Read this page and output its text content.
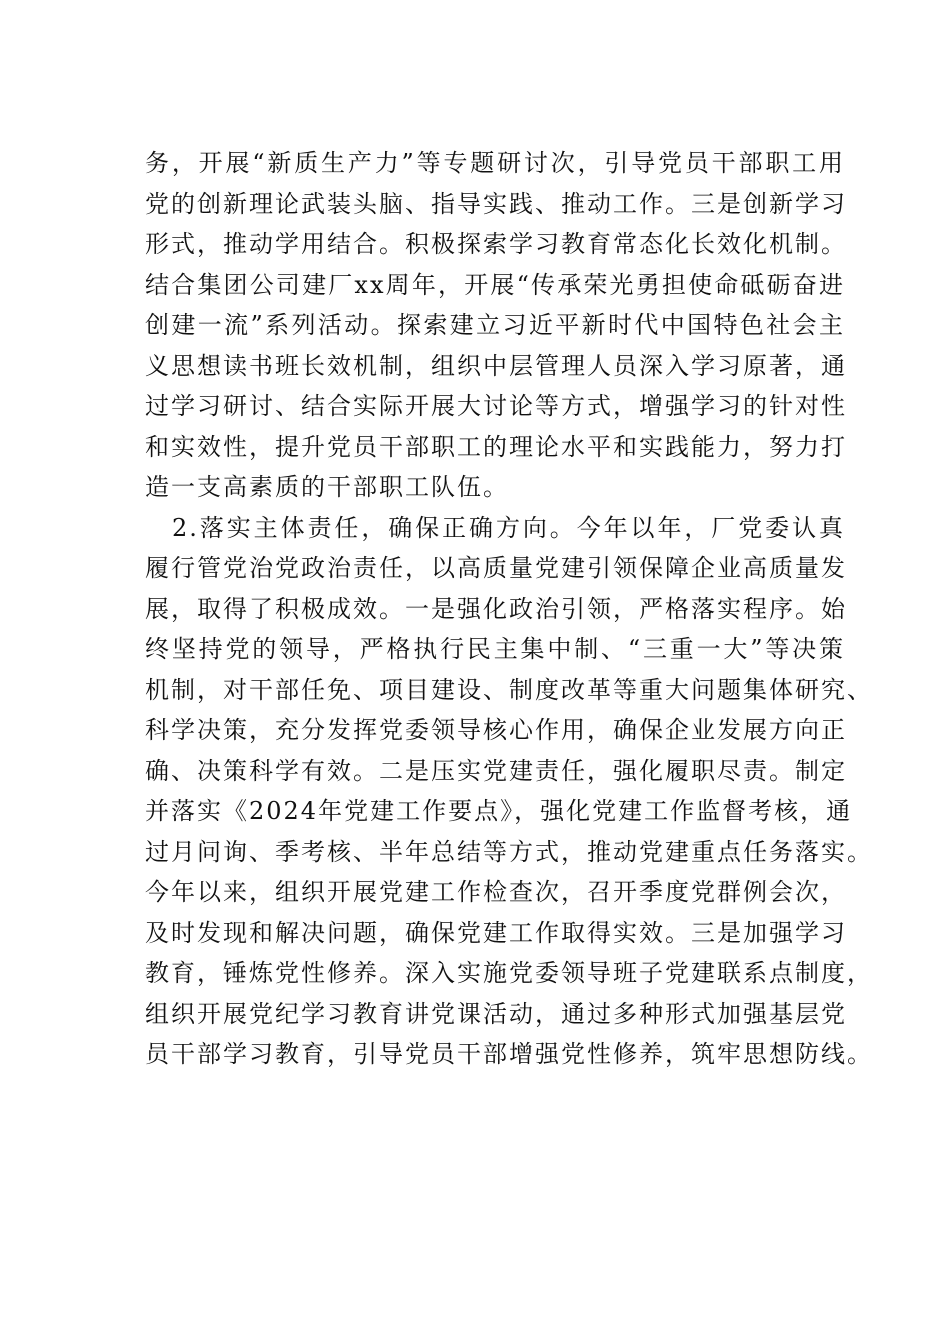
务，开展“新质生产力”等专题研讨次，引导党员干部职工用
党的创新理论武装头脑、指导实践、推动工作。三是创新学习
形式，推动学用结合。积极探索学习教育常态化长效化机制。
结合集团公司建厂xx周年，开展“传承荣光勇担使命砥砺奋进
创建一流”系列活动。探索建立习近平新时代中国特色社会主
义思想读书班长效机制，组织中层管理人员深入学习原著，通
过学习研讨、结合实际开展大讨论等方式，增强学习的针对性
和实效性，提升党员干部职工的理论水平和实践能力，努力打
造一支高素质的干部职工队伍。
2.落实主体责任，确保正确方向。今年以年，厂党委认真
履行管党治党政治责任，以高质量党建引领保障企业高质量发
展，取得了积极成效。一是强化政治引领，严格落实程序。始
终坚持党的领导，严格执行民主集中制、“三重一大”等决策
机制，对干部任免、项目建设、制度改革等重大问题集体研究、
科学决策，充分发挥党委领导核心作用，确保企业发展方向正
确、决策科学有效。二是压实党建责任，强化履职尽责。制定
并落实《2024年党建工作要点》，强化党建工作监督考核，通
过月问询、季考核、半年总结等方式，推动党建重点任务落实。
今年以来，组织开展党建工作检查次，召开季度党群例会次，
及时发现和解决问题，确保党建工作取得实效。三是加强学习
教育，锤炼党性修养。深入实施党委领导班子党建联系点制度，
组织开展党纪学习教育讲党课活动，通过多种形式加强基层党
员干部学习教育，引导党员干部增强党性修养，筑牢思想防线。
